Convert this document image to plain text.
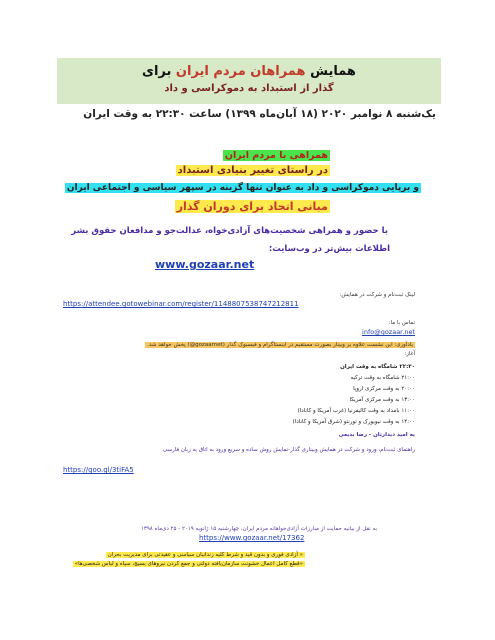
همایش همراهان مردم ایران برای
گذار از استبداد به دموکراسی و داد
یک‌شنبه ۸ نوامبر ۲۰۲۰ (۱۸ آبان‌ماه ۱۳۹۹) ساعت ۲۲:۳۰ به وقت ایران
همراهی با مردم ایران
در راستای تغییر بنیادی استبداد
و برپایی دموکراسی و داد به عنوان تنها گزینه در سپهر سیاسی و اجتماعی ایران
مبانی اتحاد برای دوران گذار
با حضور و همراهی شخصیت‌های آزادی‌خواه، عدالت‌جو و مدافعان حقوق بشر
اطلاعات بیش‌تر در وب‌سایت:
www.gozaar.net
لینک ثبت‌نام و شرکت در همایش:
https://attendee.gotowebinar.com/register/1148807538747212811
تماس با ما:
info@gozaar.net
یادآوری: این نشست علاوه بر وبینار بصورت مستقیم در اینستاگرام و فیسبوک گذار (gozaarnet@) پخش خواهد شد.
آغاز:
۲۲:۳۰ شامگاه به وقت ایران
۲۱:۰۰ شامگاه به وقت ترکیه
۲۰:۰۰ به وقت مرکزی اروپا
۱۳:۰۰ به وقت مرکزی آمریکا
۱۱:۰۰ بامداد به وقت کالیفرنیا (غرب آمریکا و کانادا)
۱۴:۰۰ به وقت نیویورک و تورنتو (شرق آمریکا و کانادا)
به امید دیدارتان - رضا بدیعی
راهنمای ثبت‌نام، ورود و شرکت در همایش وبیناری گذار-نمایش روش ساده و سریع ورود به اتاق به زبان فارسی
https://goo.gl/3tiFA5
به نقل از بیانیه حمایت از مبارزات آزادی‌خواهانه مردم ایران، چهارشنبه ۱۵ ژانویه ۲۰۱۹ - ۲۵ دی‌ماه ۱۳۹۸
https://www.gozaar.net/17362
« آزادی فوری و بدون قید و شرط کلیه زندانیان سیاسی و عقیدتی برای مدیریت بحران
«قطع کامل اعمال خشونت سازمان‌یافته دولتی و جمع کردن نیروهای بسیج، سپاه و لباس شخصی‌ها»
